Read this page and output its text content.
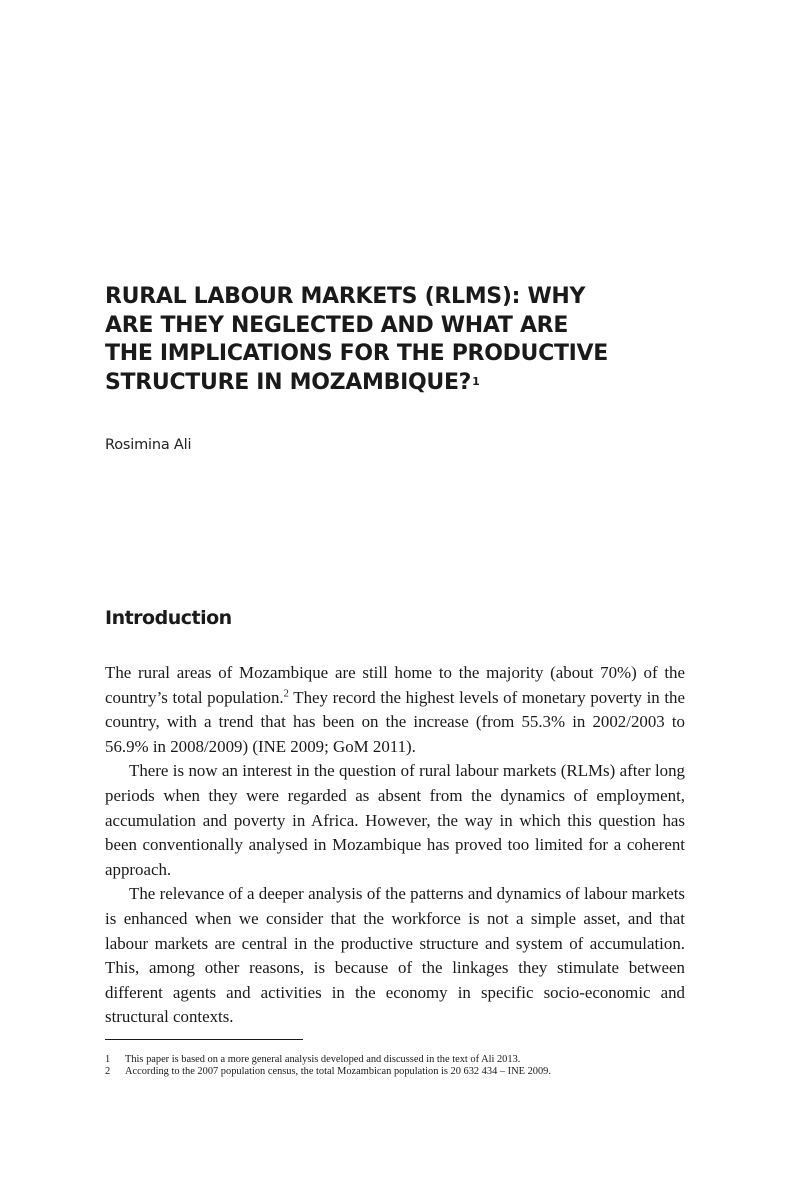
RURAL LABOUR MARKETS (RLMS): WHY
ARE THEY NEGLECTED AND WHAT ARE
THE IMPLICATIONS FOR THE PRODUCTIVE
STRUCTURE IN MOZAMBIQUE?$^1$
Rosimina Ali
Introduction

The rural areas of Mozambique are still home to the majority (about 70%) of the country’s total population.$^2$ They record the highest levels of monetary poverty in the country, with a trend that has been on the increase (from 55.3% in 2002/2003 to 56.9% in 2008/2009) (INE 2009; GoM 2011).

There is now an interest in the question of rural labour markets (RLMs) after long periods when they were regarded as absent from the dynamics of employment, accumulation and poverty in Africa. However, the way in which this question has been conventionally analysed in Mozambique has proved too limited for a coherent approach.

The relevance of a deeper analysis of the patterns and dynamics of labour markets is enhanced when we consider that the workforce is not a simple asset, and that labour markets are central in the productive structure and system of accumulation. This, among other reasons, is because of the linkages they stimulate between different agents and activities in the economy in specific socio-economic and structural contexts.

1	This paper is based on a more general analysis developed and discussed in the text of Ali 2013.
2	According to the 2007 population census, the total Mozambican population is 20 632 434 – INE 2009.
